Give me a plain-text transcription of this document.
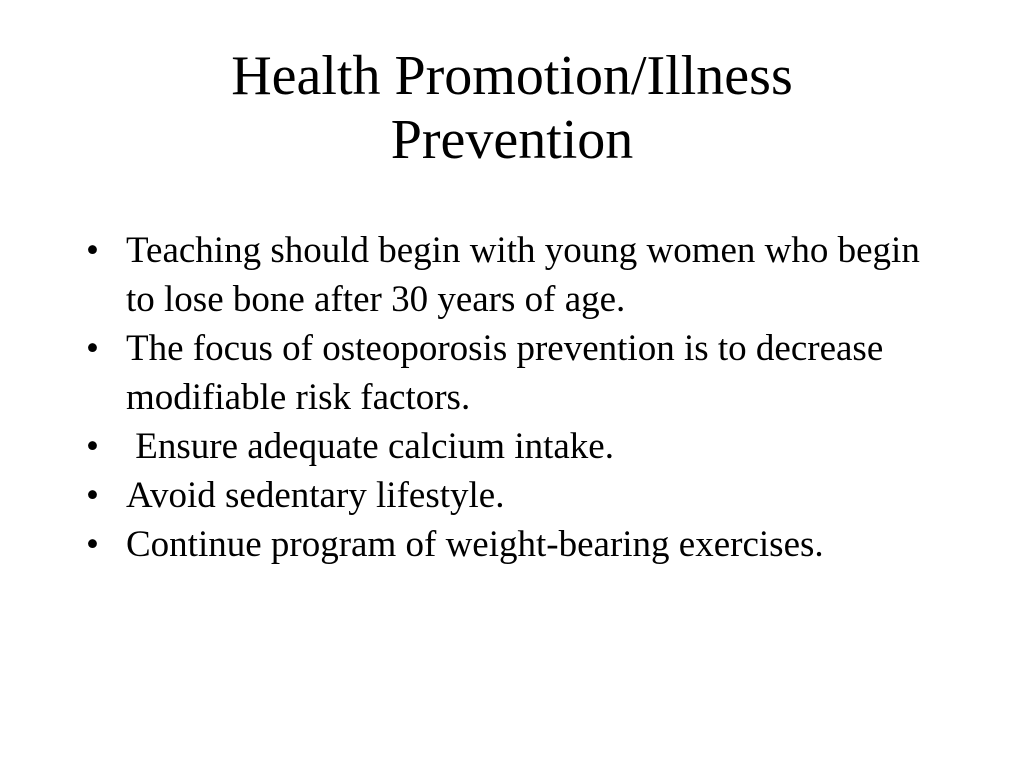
Health Promotion/Illness
Prevention
• Teaching should begin with young women who begin to lose bone after 30 years of age.
• The focus of osteoporosis prevention is to decrease modifiable risk factors.
• Ensure adequate calcium intake.
• Avoid sedentary lifestyle.
• Continue program of weight-bearing exercises.
